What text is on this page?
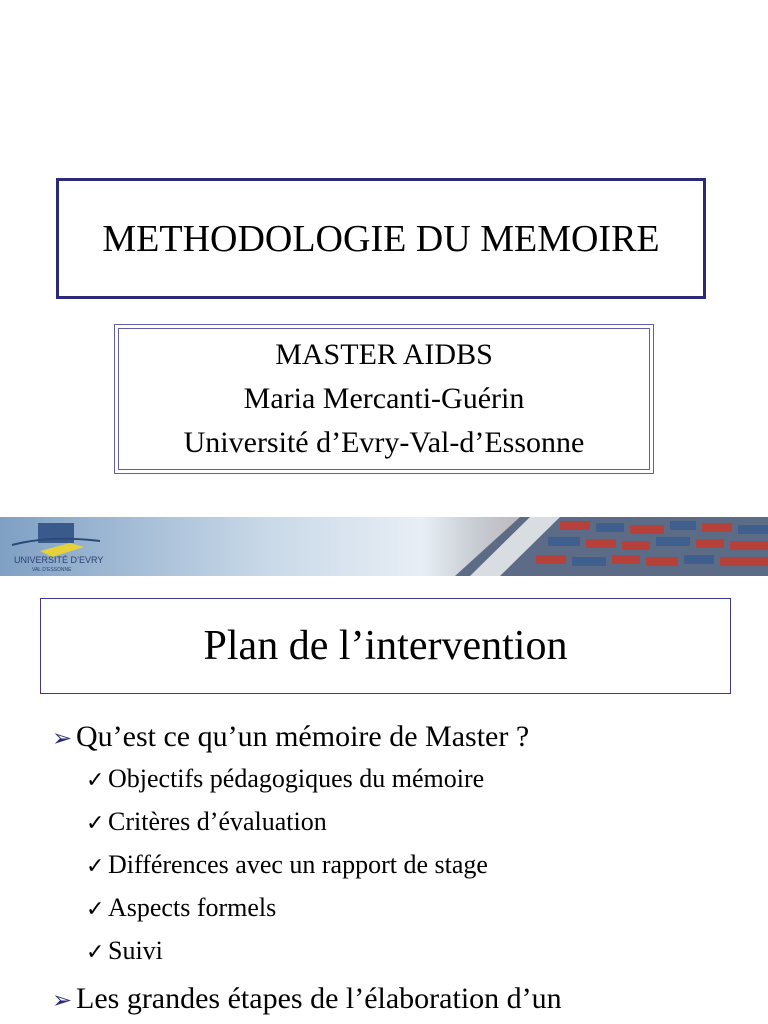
METHODOLOGIE DU MEMOIRE
MASTER AIDBS
Maria Mercanti-Guérin
Université d’Evry-Val-d’Essonne
UNIVERSITÉ D’EVRY
VAL D’ESSONNE
Plan de l’intervention
➢ Qu’est ce qu’un mémoire de Master ?
✓ Objectifs pédagogiques du mémoire
✓ Critères d’évaluation
✓ Différences avec un rapport de stage
✓ Aspects formels
✓ Suivi
➢ Les grandes étapes de l’élaboration d’un
